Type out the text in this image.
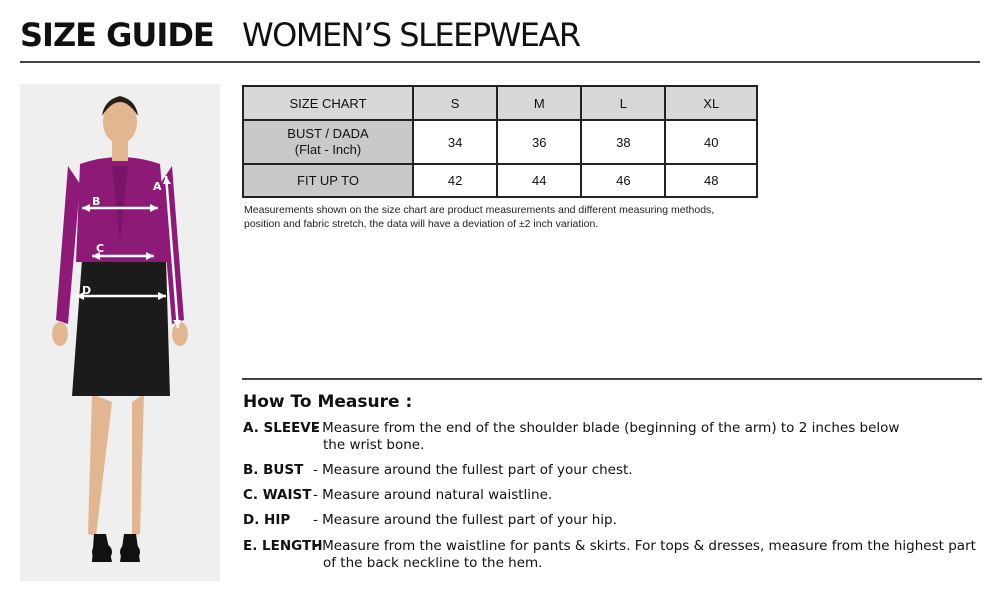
SIZE GUIDE WOMEN’S SLEEPWEAR
A
B
C
D
SIZE CHART	S	M	L	XL

BUST / DADA
(Flat - Inch)	34	36	38	40
FIT UP TO	42	44	46	48
Measurements shown on the size chart are product measurements and different measuring methods,
position and fabric stretch, the data will have a deviation of ±2 inch variation.
How To Measure :
A. SLEEVE
- Measure from the end of the shoulder blade (beginning of the arm) to 2 inches below
the wrist bone.
B. BUST - Measure around the fullest part of your chest.
C. WAIST - Measure around natural waistline.
D. HIP - Measure around the fullest part of your hip.
E. LENGTH
- Measure from the waistline for pants & skirts. For tops & dresses, measure from the highest part
of the back neckline to the hem.
